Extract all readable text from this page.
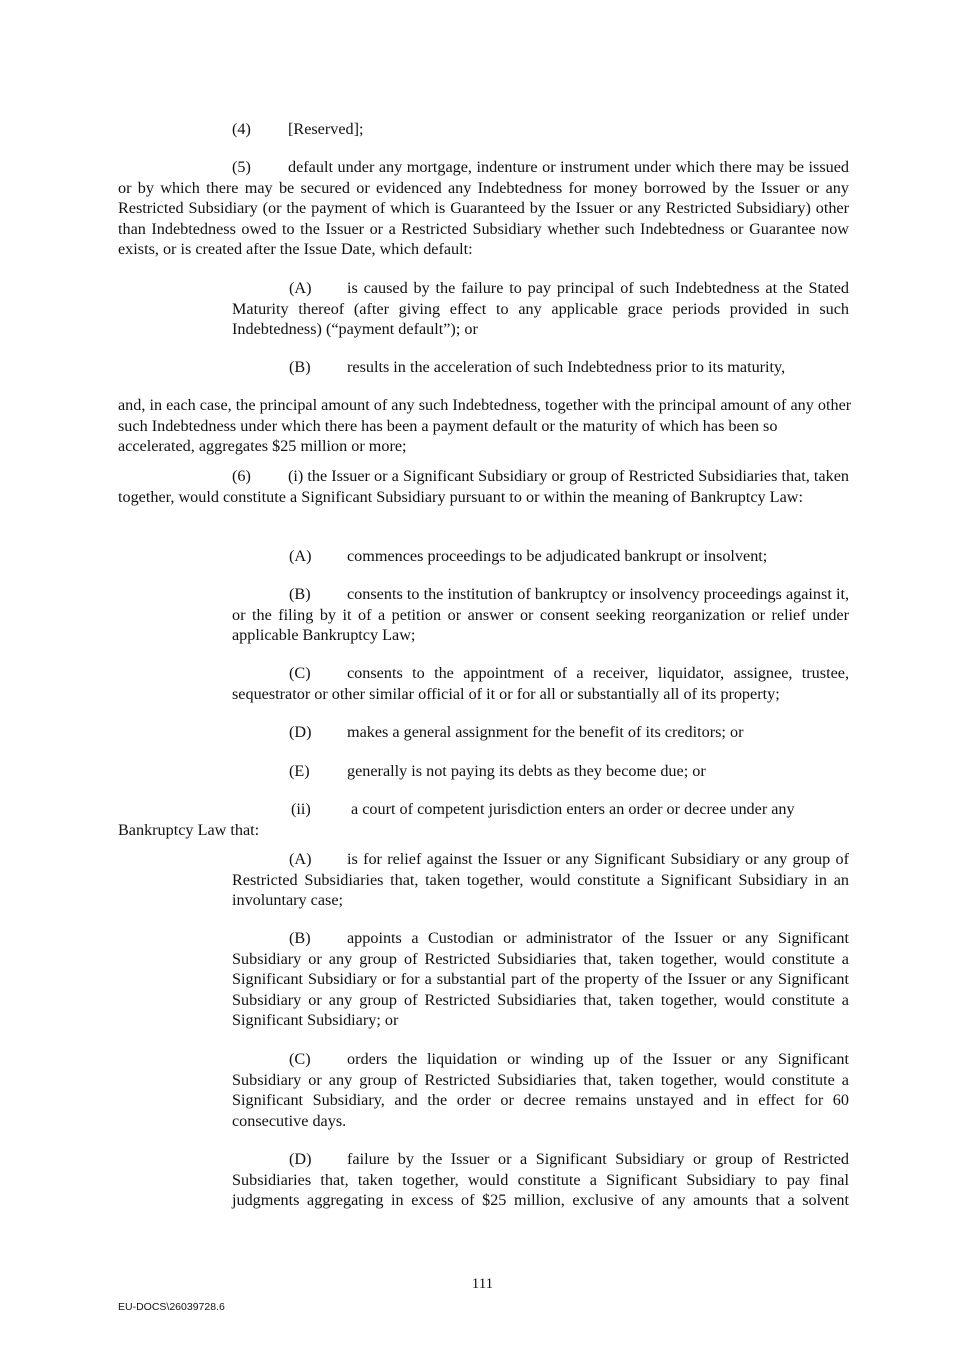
(4) [Reserved];
(5) default under any mortgage, indenture or instrument under which there may be issued or by which there may be secured or evidenced any Indebtedness for money borrowed by the Issuer or any Restricted Subsidiary (or the payment of which is Guaranteed by the Issuer or any Restricted Subsidiary) other than Indebtedness owed to the Issuer or a Restricted Subsidiary whether such Indebtedness or Guarantee now exists, or is created after the Issue Date, which default:
(A) is caused by the failure to pay principal of such Indebtedness at the Stated Maturity thereof (after giving effect to any applicable grace periods provided in such Indebtedness) (“payment default”); or
(B) results in the acceleration of such Indebtedness prior to its maturity,
and, in each case, the principal amount of any such Indebtedness, together with the principal amount of any other such Indebtedness under which there has been a payment default or the maturity of which has been so accelerated, aggregates $25 million or more;
(6) (i) the Issuer or a Significant Subsidiary or group of Restricted Subsidiaries that, taken together, would constitute a Significant Subsidiary pursuant to or within the meaning of Bankruptcy Law:
(A) commences proceedings to be adjudicated bankrupt or insolvent;
(B) consents to the institution of bankruptcy or insolvency proceedings against it, or the filing by it of a petition or answer or consent seeking reorganization or relief under applicable Bankruptcy Law;
(C) consents to the appointment of a receiver, liquidator, assignee, trustee, sequestrator or other similar official of it or for all or substantially all of its property;
(D) makes a general assignment for the benefit of its creditors; or
(E) generally is not paying its debts as they become due; or
(ii) a court of competent jurisdiction enters an order or decree under any
Bankruptcy Law that:
(A) is for relief against the Issuer or any Significant Subsidiary or any group of Restricted Subsidiaries that, taken together, would constitute a Significant Subsidiary in an involuntary case;
(B) appoints a Custodian or administrator of the Issuer or any Significant Subsidiary or any group of Restricted Subsidiaries that, taken together, would constitute a Significant Subsidiary or for a substantial part of the property of the Issuer or any Significant Subsidiary or any group of Restricted Subsidiaries that, taken together, would constitute a Significant Subsidiary; or
(C) orders the liquidation or winding up of the Issuer or any Significant Subsidiary or any group of Restricted Subsidiaries that, taken together, would constitute a Significant Subsidiary, and the order or decree remains unstayed and in effect for 60 consecutive days.
(D) failure by the Issuer or a Significant Subsidiary or group of Restricted Subsidiaries that, taken together, would constitute a Significant Subsidiary to pay final judgments aggregating in excess of $25 million, exclusive of any amounts that a solvent
111
EU-DOCS\26039728.6
